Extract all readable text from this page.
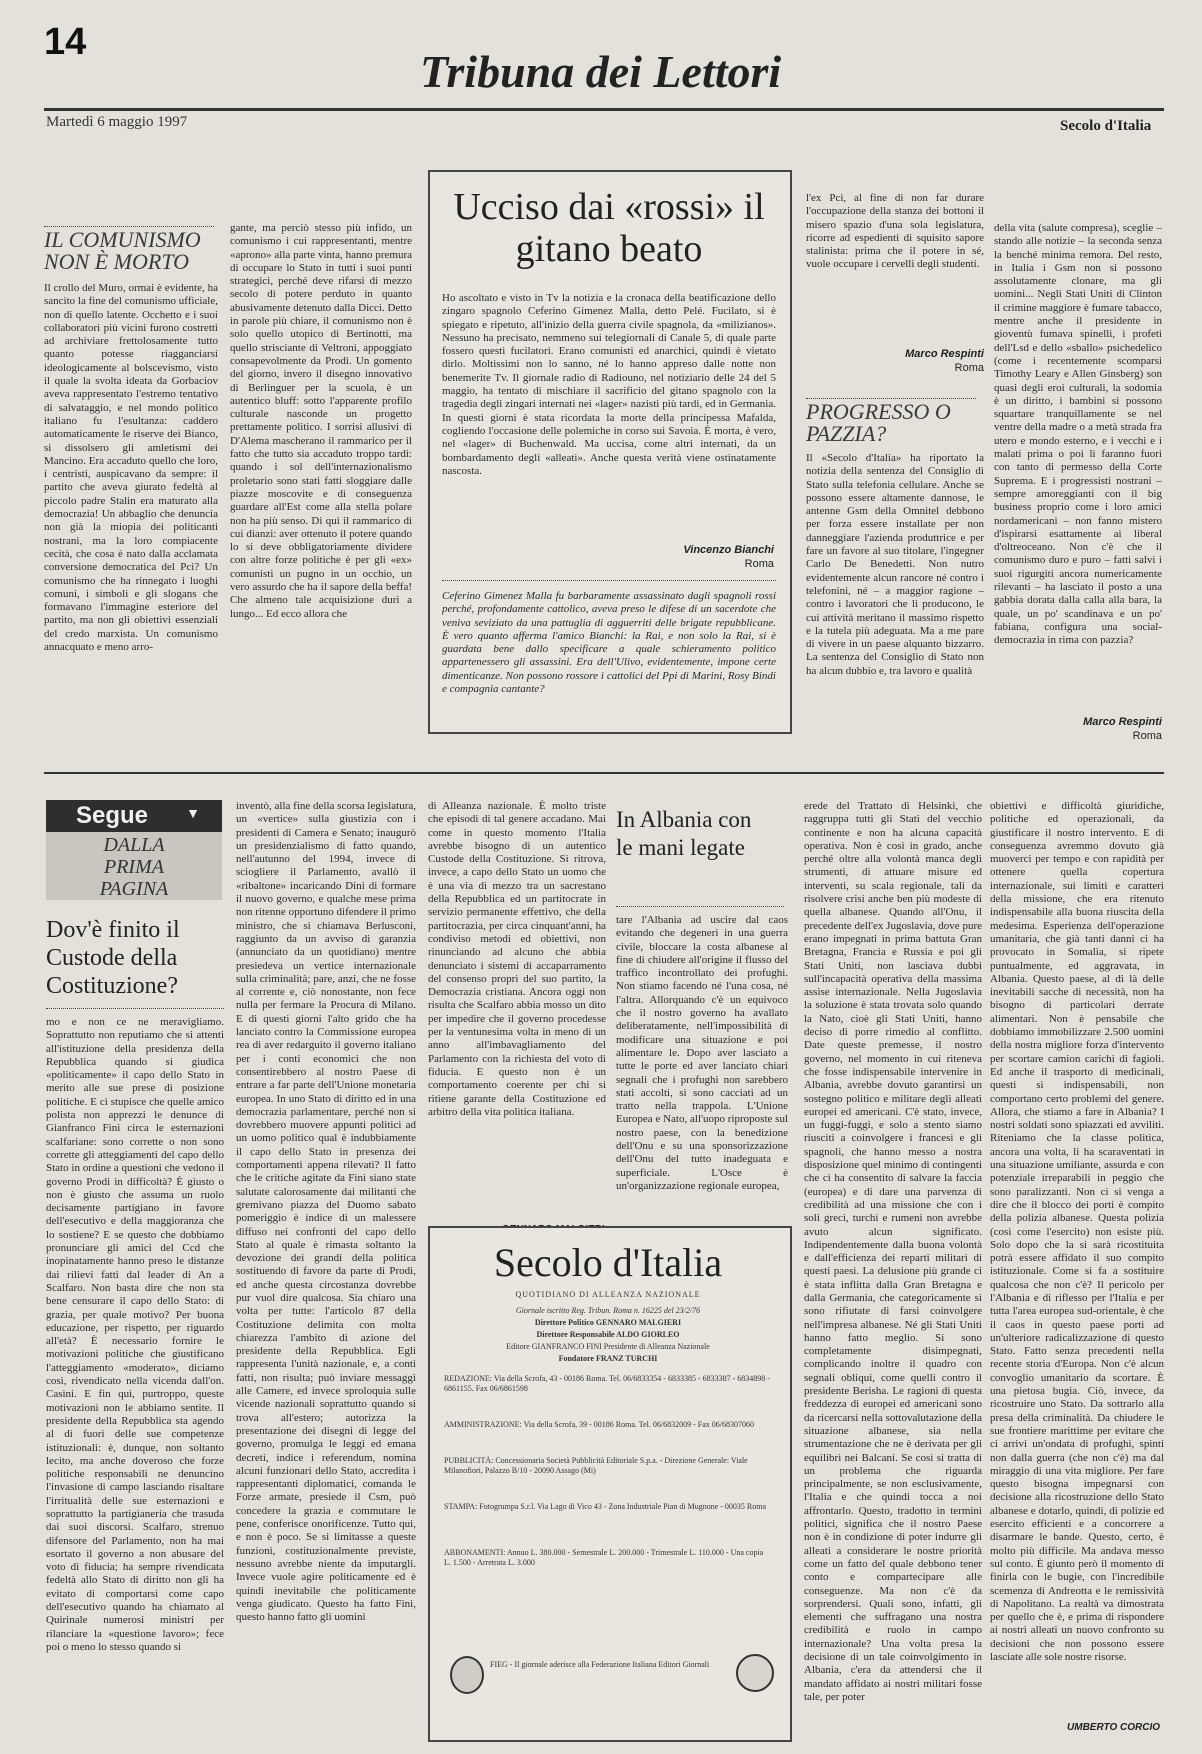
14
Tribuna dei Lettori
Martedì 6 maggio 1997	Secolo d'Italia
IL COMUNISMO NON È MORTO
Il crollo del Muro, ormai è evidente, ha sancito la fine del comunismo ufficiale, non di quello latente. Occhetto e i suoi collaboratori più vicini furono costretti ad archiviare frettolosamente tutto quanto potesse riagganciarsi ideologicamente al bolscevismo, visto il quale la svolta ideata da Gorbaciov aveva rappresentato l'estremo tentativo di salvataggio, e nel mondo politico italiano fu l'esultanza: caddero automaticamente le riserve dei Bianco, si dissolsero gli amletismi dei Mancino. Era accaduto quello che loro, i centristi, auspicavano da sempre: il partito che aveva giurato fedeltà al piccolo padre Stalin era maturato alla democrazia! Un abbaglio che denuncia non già la miopia dei politicanti nostrani, ma la loro compiacente cecità, che cosa è nato dalla acclamata conversione democratica del Pci? Un comunismo che ha rinnegato i luoghi comuni, i simboli e gli slogans che formavano l'immagine esteriore del partito, ma non gli obiettivi essenziali del credo marxista. Un comunismo annacquato e meno arro-
gante, ma perciò stesso più infido, un comunismo i cui rappresentanti, mentre «aprono» alla parte vinta, hanno premura di occupare lo Stato in tutti i suoi punti strategici, perché deve rifarsi di mezzo secolo di potere perduto in quanto abusivamente detenuto dalla Dicci. Detto in parole più chiare, il comunismo non è solo quello utopico di Bertinotti, ma quello strisciante di Veltroni, appoggiato consapevolmente da Prodi. Un gomento del giorno, invero il disegno innovativo di Berlinguer per la scuola, è un autentico bluff: sotto l'apparente profilo culturale nasconde un progetto prettamente politico. I sorrisi allusivi di D'Alema mascherano il rammarico per il fatto che tutto sia accaduto troppo tardi: quando i sol dell'internazionalismo proletario sono stati fatti sloggiare dalle piazze moscovite e di conseguenza guardare all'Est come alla stella polare non ha più senso. Di qui il rammarico di cui dianzi: aver ottenuto il potere quando lo si deve obbligatoriamente dividere con altre forze politiche è per gli «ex» comunisti un pugno in un occhio, un vero assurdo che ha il sapore della beffa! Che almeno tale acquisizione duri a lungo... Ed ecco allora che
Ucciso dai «rossi» il gitano beato
Ho ascoltato e visto in Tv la notizia e la cronaca della beatificazione dello zingaro spagnolo Ceferino Gimenez Malla, detto Pelé. Fucilato, si è spiegato e ripetuto, all'inizio della guerra civile spagnola, da «milizianos». Nessuno ha precisato, nemmeno sui telegiornali di Canale 5, di quale parte fossero questi fucilatori. Erano comunisti ed anarchici, quindi è vietato dirlo. Moltissimi non lo sanno, né lo hanno appreso dalle notte non benemerite Tv. Il giornale radio di Radiouno, nel notiziario delle 24 del 5 maggio, ha tentato di mischiare il sacrificio del gitano spagnolo con la tragedia degli zingari internati nei «lager» nazisti più tardi, ed in Germania. In questi giorni è stata ricordata la morte della principessa Mafalda, cogliendo l'occasione delle polemiche in corso sui Savoia. È morta, è vero, nel «lager» di Buchenwald. Ma uccisa, come altri internati, da un bombardamento degli «alleati». Anche questa verità viene ostinatamente nascosta.
Vincenzo Bianchi
Roma
Ceferino Gimenez Malla fu barbaramente assassinato dagli spagnoli rossi perché, profondamente cattolico, aveva preso le difese di un sacerdote che veniva seviziato da una pattuglia di agguerriti delle brigate repubblicane. È vero quanto afferma l'amico Bianchi: la Rai, e non solo la Rai, si è guardata bene dallo specificare a quale schieramento politico appartenessero gli assassini. Era dell'Ulivo, evidentemente, impone certe dimenticanze. Non possono rossore i cattolici del Ppi di Marini, Rosy Bindi e compagnia cantante?
l'ex Pci, al fine di non far durare l'occupazione della stanza dei bottoni il misero spazio d'una sola legislatura, ricorre ad espedienti di squisito sapore stalinista: prima che il potere in sé, vuole occupare i cervelli degli studenti.
Marco Respinti
Roma
PROGRESSO O PAZZIA?
Il «Secolo d'Italia» ha riportato la notizia della sentenza del Consiglio di Stato sulla telefonia cellulare. Anche se possono essere altamente dannose, le antenne Gsm della Omnitel debbono per forza essere installate per non danneggiare l'azienda produttrice e per fare un favore al suo titolare, l'ingegner Carlo De Benedetti. Non nutro evidentemente alcun rancore né contro i telefonini, né – a maggior ragione – contro i lavoratori che li producono, le cui attività meritano il massimo rispetto e la tutela più adeguata. Ma a me pare di vivere in un paese alquanto bizzarro. La sentenza del Consiglio di Stato non ha alcun dubbio e, tra lavoro e qualità
della vita (salute compresa), sceglie – stando alle notizie – la seconda senza la benché minima remora. Del resto, in Italia i Gsm non si possono assolutamente clonare, ma gli uomini... Negli Stati Uniti di Clinton il crimine maggiore è fumare tabacco, mentre anche il presidente in gioventù fumava spinelli, i profeti dell'Lsd e dello «sballo» psichedelico (come i recentemente scomparsi Timothy Leary e Allen Ginsberg) son quasi degli eroi culturali, la sodomia è un diritto, i bambini si possono squartare tranquillamente se nel ventre della madre o a metà strada fra utero e mondo esterno, e i vecchi e i malati prima o poi li faranno fuori con tanto di permesso della Corte Suprema. E i progressisti nostrani – sempre amoreggianti con il big business proprio come i loro amici nordamericani – non fanno mistero d'ispirarsi esattamente ai liberal d'oltreoceano. Non c'è che il comunismo duro e puro – fatti salvi i suoi rigurgiti ancora numericamente rilevanti – ha lasciato il posto a una gabbia dorata dalla calla alla bara, la quale, un po' scandinava e un po' fabiana, configura una social-democrazia in rima con pazzia?
Marco Respinti
Roma
Segue	▼
DALLA PRIMA PAGINA
Dov'è finito il Custode della Costituzione?
mo e non ce ne meravigliamo. Soprattutto non reputiamo che si attenti all'istituzione della presidenza della Repubblica quando si giudica «politicamente» il capo dello Stato in merito alle sue prese di posizione politiche. E ci stupisce che quelle amico polista non apprezzi le denunce di Gianfranco Fini circa le esternazioni scalfariane: sono corrette o non sono corrette gli atteggiamenti del capo dello Stato in ordine a questioni che vedono il governo Prodi in difficoltà? È giusto o non è giusto che assuma un ruolo decisamente partigiano in favore dell'esecutivo e della maggioranza che lo sostiene? E se questo che dobbiamo pronunciare gli amici del Ccd che inopinatamente hanno preso le distanze dai rilievi fatti dal leader di An a Scalfaro. Non basta dire che non sta bene censurare il capo dello Stato: di grazia, per quale motivo? Per buona educazione, per rispetto, per riguardo all'età? È necessario fornire le motivazioni politiche che giustificano l'atteggiamento «moderato», diciamo così, rivendicato nella vicenda dall'on. Casini. E fin qui, purtroppo, queste motivazioni non le abbiamo sentite. Il presidente della Repubblica sta agendo al di fuori delle sue competenze istituzionali: è, dunque, non soltanto lecito, ma anche doveroso che forze politiche responsabili ne denuncino l'invasione di campo lasciando risaltare l'irritualità delle sue esternazioni e soprattutto la partigianeria che trasuda dai suoi discorsi. Scalfaro, strenuo difensore del Parlamento, non ha mai esortato il governo a non abusare del voto di fiducia; ha sempre rivendicata fedeltà allo Stato di diritto non gli ha evitato di comportarsi come capo dell'esecutivo quando ha chiamato al Quirinale numerosi ministri per rilanciare la «questione lavoro»; fece poi o meno lo stesso quando si
inventò, alla fine della scorsa legislatura, un «vertice» sulla giustizia con i presidenti di Camera e Senato; inaugurò un presidenzialismo di fatto quando, nell'autunno del 1994, invece di sciogliere il Parlamento, avallò il «ribaltone» incaricando Dini di formare il nuovo governo, e qualche mese prima non ritenne opportuno difendere il primo ministro, che si chiamava Berlusconi, raggiunto da un avviso di garanzia (annunciato da un quotidiano) mentre presiedeva un vertice internazionale sulla criminalità; pare, anzi, che ne fosse al corrente e, ciò nonostante, non fece nulla per fermare la Procura di Milano. E di questi giorni l'alto grido che ha lanciato contro la Commissione europea rea di aver redarguito il governo italiano per i conti economici che non consentirebbero al nostro Paese di entrare a far parte dell'Unione monetaria europea. In uno Stato di diritto ed in una democrazia parlamentare, perché non si dovrebbero muovere appunti politici ad un uomo politico qual è indubbiamente il capo dello Stato in presenza dei comportamenti appena rilevati? Il fatto che le critiche agitate da Fini siano state salutate calorosamente dai militanti che gremivano piazza del Duomo sabato pomeriggio è indice di un malessere diffuso nei confronti del capo dello Stato al quale è rimasta soltanto la devozione dei grandi della politica sostituendo di favore da parte di Prodi, ed anche questa circostanza dovrebbe pur vuol dire qualcosa. Sia chiaro una volta per tutte: l'articolo 87 della Costituzione delimita con molta chiarezza l'ambito di azione del presidente della Repubblica. Egli rappresenta l'unità nazionale, e, a conti fatti, non risulta; può inviare messaggi alle Camere, ed invece sproloquia sulle vicende nazionali soprattutto quando si trova all'estero; autorizza la presentazione dei disegni di legge del governo, promulga le leggi ed emana decreti, indice i referendum, nomina alcuni funzionari dello Stato, accredita i rappresentanti diplomatici, comanda le Forze armate, presiede il Csm, può concedere la grazia e commutare le pene, conferisce onorificenze. Tutto qui, e non è poco. Se si limitasse a queste funzioni, costituzionalmente previste, nessuno avrebbe niente da imputargli. Invece vuole agire politicamente ed è quindi inevitabile che politicamente venga giudicato. Questo ha fatto Fini, questo hanno fatto gli uomini
di Alleanza nazionale. È molto triste che episodi di tal genere accadano. Mai come in questo momento l'Italia avrebbe bisogno di un autentico Custode della Costituzione. Si ritrova, invece, a capo dello Stato un uomo che è una via di mezzo tra un sacrestano della Repubblica ed un partitocrate in servizio permanente effettivo, che della partitocrazia, per circa cinquant'anni, ha condiviso metodi ed obiettivi, non rinunciando ad alcuno che abbia denunciato i sistemi di accaparramento del consenso propri del suo partito, la Democrazia cristiana. Ancora oggi non risulta che Scalfaro abbia mosso un dito per impedire che il governo procedesse per la ventunesima volta in meno di un anno all'imbavagliamento del Parlamento con la richiesta del voto di fiducia. E questo non è un comportamento coerente per chi si ritiene garante della Costituzione ed arbitro della vita politica italiana.
In Albania con le mani legate
tare l'Albania ad uscire dal caos evitando che degeneri in una guerra civile, bloccare la costa albanese al fine di chiudere all'origine il flusso del traffico incontrollato dei profughi. Non stiamo facendo né l'una cosa, né l'altra. Allorquando c'è un equivoco che il nostro governo ha avallato deliberatamente, nell'impossibilità di modificare una situazione e poi alimentare le. Dopo aver lasciato a tutte le porte ed aver lanciato chiari segnali che i profughi non sarebbero stati accolti, si sono cacciati ad un tratto nella trappola. L'Unione Europea e Nato, all'uopo riproposte sul nostro paese, con la benedizione dell'Onu e su una sponsorizzazione dell'Onu del tutto inadeguata e superficiale. L'Osce è un'organizzazione regionale europea,
erede del Trattato di Helsinki, che raggruppa tutti gli Stati del vecchio continente e non ha alcuna capacità operativa. Non è così in grado, anche perché oltre alla volontà manca degli strumenti, di attuare misure ed interventi, su scala regionale, tali da risolvere crisi anche ben più modeste di quella albanese. Quando all'Onu, il precedente dell'ex Jugoslavia, dove pure erano impegnati in prima battuta Gran Bretagna, Francia e Russia e poi gli Stati Uniti, non lasciava dubbi sull'incapacità operativa della massima assise internazionale. Nella Jugoslavia la soluzione è stata trovata solo quando la Nato, cioè gli Stati Uniti, hanno deciso di porre rimedio al conflitto. Date queste premesse, il nostro governo, nel momento in cui riteneva che fosse indispensabile intervenire in Albania, avrebbe dovuto garantirsi un sostegno politico e militare degli alleati europei ed americani. C'è stato, invece, un fuggi-fuggi, e solo a stento siamo riusciti a coinvolgere i francesi e gli spagnoli, che hanno messo a nostra disposizione quel minimo di contingenti che ci ha consentito di salvare la faccia (europea) e di dare una parvenza di credibilità ad una missione che con i soli greci, turchi e rumeni non avrebbe avuto alcun significato. Indipendentemente dalla buona volontà e dall'efficienza dei reparti militari di questi paesi. La delusione più grande ci è stata inflitta dalla Gran Bretagna e dalla Germania, che categoricamente si sono rifiutate di farsi coinvolgere nell'impresa albanese. Né gli Stati Uniti hanno fatto meglio. Si sono completamente disimpegnati, complicando inoltre il quadro con segnali obliqui, come quelli contro il presidente Berisha. Le ragioni di questa freddezza di europei ed americani sono da ricercarsi nella sottovalutazione della situazione albanese, sia nella strumentazione che ne è derivata per gli equilibri nei Balcani. Se così si tratta di un problema che riguarda principalmente, se non esclusivamente, l'Italia e che quindi tocca a noi affrontarlo. Questo, tradotto in termini politici, significa che il nostro Paese non è in condizione di poter indurre gli alleati a considerare le nostre priorità come un fatto del quale debbono tener conto e compartecipare alle conseguenze. Ma non c'è da sorprendersi. Quali sono, infatti, gli elementi che suffragano una nostra credibilità e ruolo in campo internazionale? Una volta presa la decisione di un tale coinvolgimento in Albania, c'era da attendersi che il mandato affidato ai nostri militari fosse tale, per poter
obiettivi e difficoltà giuridiche, politiche ed operazionali, da giustificare il nostro intervento. E di conseguenza avremmo dovuto già muoverci per tempo e con rapidità per ottenere quella copertura internazionale, sui limiti e caratteri della missione, che era ritenuto indispensabile alla buona riuscita della medesima. Esperienza dell'operazione umanitaria, che già tanti danni ci ha provocato in Somalia, si ripete puntualmente, ed aggravata, in Albania. Questo paese, al di là delle inevitabili sacche di necessità, non ha bisogno di particolari derrate alimentari. Non è pensabile che dobbiamo immobilizzare 2.500 uomini della nostra migliore forza d'intervento per scortare camion carichi di fagioli. Ed anche il trasporto di medicinali, questi sì indispensabili, non comportano certo problemi del genere. Allora, che stiamo a fare in Albania? I nostri soldati sono spiazzati ed avviliti. Riteniamo che la classe politica, ancora una volta, li ha scaraventati in una situazione umiliante, assurda e con potenziale irreparabili in peggio che sono paralizzanti. Non ci si venga a dire che il blocco dei porti è compito della polizia albanese. Questa polizia (così come l'esercito) non esiste più. Solo dopo che la si sarà ricostituita potrà essere affidato il suo compito istituzionale. Come si fa a sostituire qualcosa che non c'è? Il pericolo per l'Albania e di riflesso per l'Italia e per tutta l'area europea sud-orientale, è che il caos in questo paese porti ad un'ulteriore radicalizzazione di questo Stato. Fatto senza precedenti nella recente storia d'Europa. Non c'è alcun convoglio umanitario da scortare. È una pietosa bugia. Ciò, invece, da ricostruire uno Stato. Da sottrarlo alla presa della criminalità. Da chiudere le sue frontiere marittime per evitare che ci arrivi un'ondata di profughi, spinti non dalla guerra (che non c'è) ma dal miraggio di una vita migliore. Per fare questo bisogna impegnarsi con decisione alla ricostruzione dello Stato albanese e dotarlo, quindi, di polizie ed esercito efficienti e a concorrere a disarmare le bande. Questo, certo, è molto più difficile. Ma andava messo sul conto. È giunto però il momento di finirla con le bugie, con l'incredibile scemenza di Andreotta e le remissività di Napolitano. La realtà va dimostrata per quello che è, e prima di rispondere ai nostri alleati un nuovo confronto su decisioni che non possono essere lasciate alle sole nostre risorse.
UMBERTO CORCIO
Secolo d'Italia
QUOTIDIANO DI ALLEANZA NAZIONALE
Giornale iscritto Reg. Tribun. Roma n. 16225 del 23/2/76
Direttore Politico GENNARO MALGIERI
Direttore Responsabile ALDO GIORLEO
Editore GIANFRANCO FINI Presidente di Alleanza Nazionale
Fondatore FRANZ TURCHI
REDAZIONE: Via della Scrofa, 43 - 00186 Roma. Tel. 06/6833354 - 6833385 - 6833387 - 6834898 - 6861155. Fax 06/6861598
AMMINISTRAZIONE: Via della Scrofa, 39 - 00186 Roma. Tel. 06/6832009 - Fax 06/68307060
PUBBLICITÀ: Concessionaria Società Pubblicità Editoriale S.p.a. - Direzione Generale: Viale Milanofiori, Palazzo B/10 - 20090 Assago (Mi)
STAMPA: Fotogrumpa S.r.l. Via Lago di Vico 43 - Zona Industriale Pian di Mugnone - 00035 Roma
ABBONAMENTI: Annuo L. 380.000 - Semestrale L. 200.000 - Trimestrale L. 110.000 - Una copia L. 1.500 - Arretrata L. 3.000
FIEG - Il giornale aderisce alla Federazione Italiana Editori Giornali
